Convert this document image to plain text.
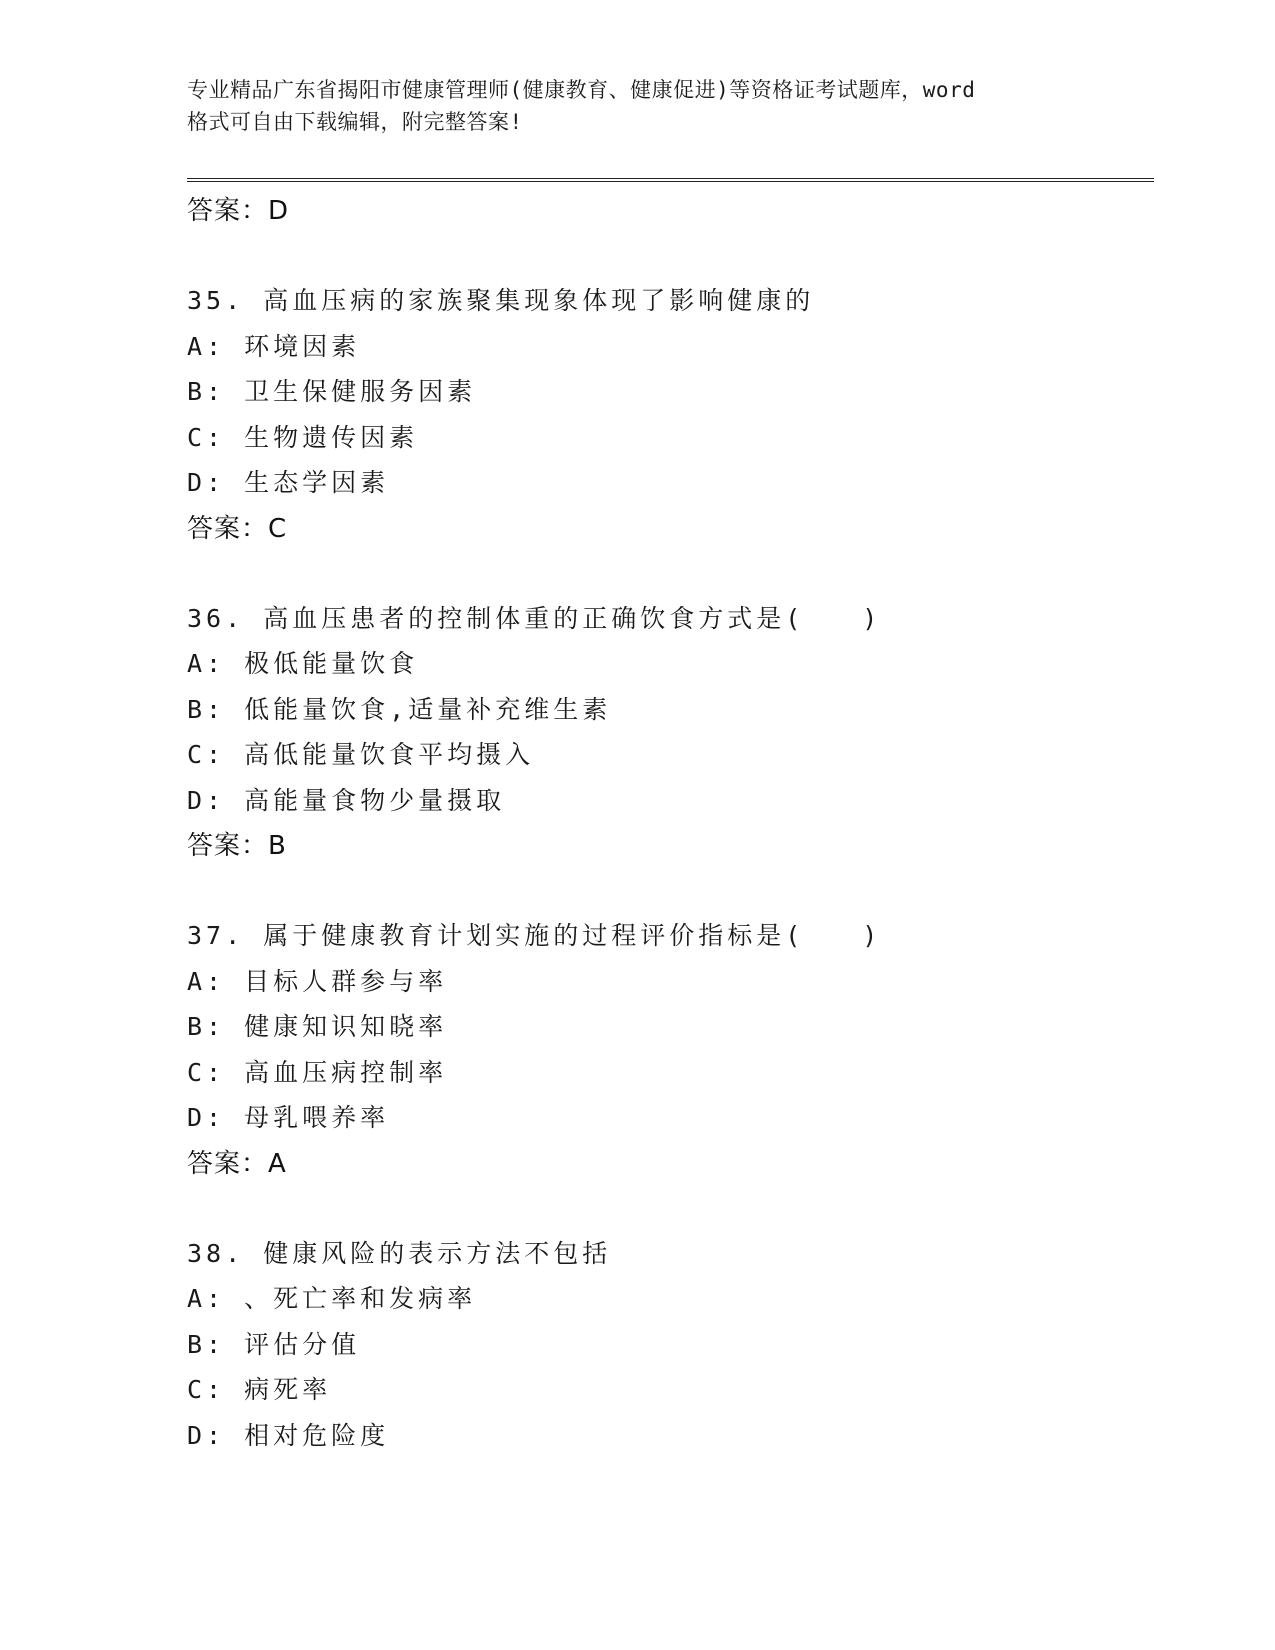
专业精品广东省揭阳市健康管理师(健康教育、健康促进)等资格证考试题库，word
格式可自由下载编辑，附完整答案!
答案：D
35. 高血压病的家族聚集现象体现了影响健康的
A: 环境因素
B: 卫生保健服务因素
C: 生物遗传因素
D: 生态学因素
答案：C
36. 高血压患者的控制体重的正确饮食方式是(　　)
A: 极低能量饮食
B: 低能量饮食,适量补充维生素
C: 高低能量饮食平均摄入
D: 高能量食物少量摄取
答案：B
37. 属于健康教育计划实施的过程评价指标是(　　)
A: 目标人群参与率
B: 健康知识知晓率
C: 高血压病控制率
D: 母乳喂养率
答案：A
38. 健康风险的表示方法不包括
A: 、死亡率和发病率
B: 评估分值
C: 病死率
D: 相对危险度
